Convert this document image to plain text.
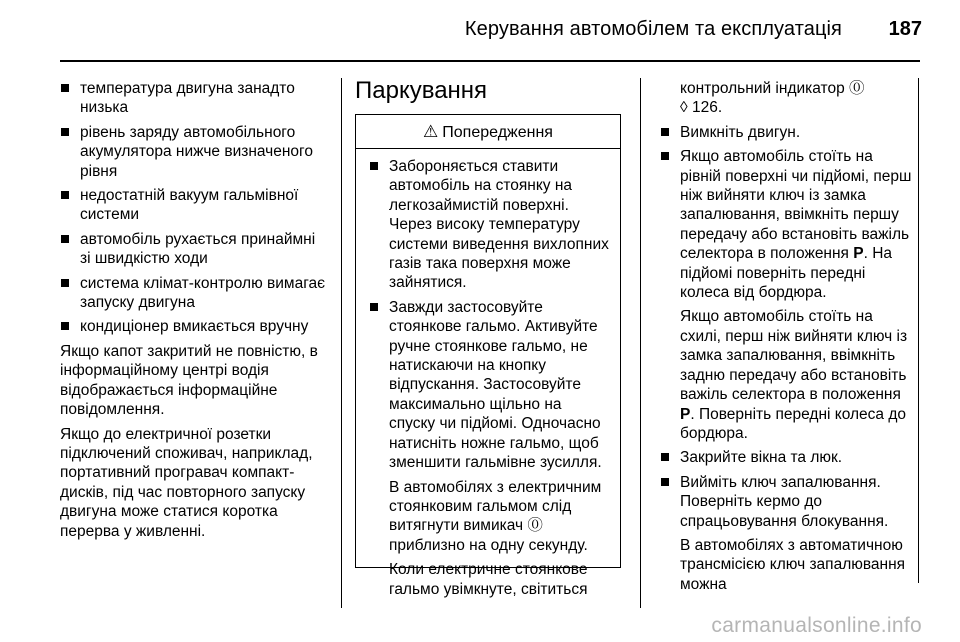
Керування автомобілем та експлуатація 187
температура двигуна занадто низька
рівень заряду автомобільного акумулятора нижче визначеного рівня
недостатній вакуум гальмівної системи
автомобіль рухається принаймні зі швидкістю ходи
система клімат-контролю вимагає запуску двигуна
кондиціонер вмикається вручну
Якщо капот закритий не повністю, в інформаційному центрі водія відображається інформаційне повідомлення.
Якщо до електричної розетки підключений споживач, наприклад, портативний програвач компакт-дисків, під час повторного запуску двигуна може статися коротка перерва у живленні.
Паркування
⚠ Попередження
Забороняється ставити автомобіль на стоянку на легкозаймистій поверхні. Через високу температуру системи виведення вихлопних газів така поверхня може зайнятися.
Завжди застосовуйте стоянкове гальмо. Активуйте ручне стоянкове гальмо, не натискаючи на кнопку відпускання. Застосовуйте максимально щільно на спуску чи підйомі. Одночасно натисніть ножне гальмо, щоб зменшити гальмівне зусилля.
В автомобілях з електричним стоянковим гальмом слід витягнути вимикач ⓪ приблизно на одну секунду.
Коли електричне стоянкове гальмо увімкнуте, світиться
контрольний індикатор ⓪
◊ 126.
Вимкніть двигун.
Якщо автомобіль стоїть на рівній поверхні чи підйомі, перш ніж вийняти ключ із замка запалювання, ввімкніть першу передачу або встановіть важіль селектора в положення P. На підйомі поверніть передні колеса від бордюра.
Якщо автомобіль стоїть на схилі, перш ніж вийняти ключ із замка запалювання, ввімкніть задню передачу або встановіть важіль селектора в положення P. Поверніть передні колеса до бордюра.
Закрийте вікна та люк.
Вийміть ключ запалювання. Поверніть кермо до спрацьовування блокування.
В автомобілях з автоматичною трансмісією ключ запалювання можна
carmanualsonline.info
